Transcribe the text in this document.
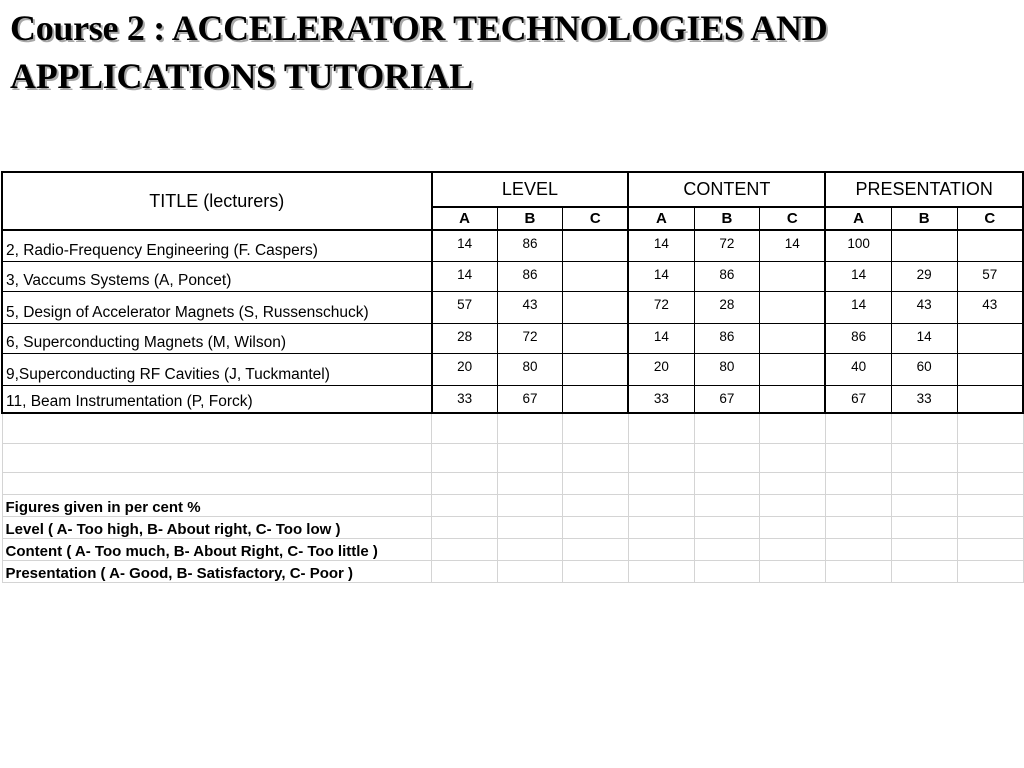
Course 2 : ACCELERATOR TECHNOLOGIES AND
APPLICATIONS TUTORIAL
TITLE (lecturers)	LEVEL			CONTENT			PRESENTATION		
	A	B	C	A	B	C	A	B	C
2, Radio-Frequency Engineering (F. Caspers)	14	86		14	72	14	100		
3, Vaccums Systems (A, Poncet)	14	86		14	86		14	29	57
5, Design of Accelerator Magnets (S, Russenschuck)	57	43		72	28		14	43	43
6, Superconducting Magnets (M, Wilson)	28	72		14	86		86	14	
9,Superconducting RF Cavities (J, Tuckmantel)	20	80		20	80		40	60	
11, Beam Instrumentation (P, Forck)	33	67		33	67		67	33	

Figures given in per cent %									
Level ( A- Too high, B- About right, C- Too low )									
Content ( A- Too much, B- About Right, C- Too little )									
Presentation ( A- Good, B- Satisfactory, C- Poor )									
